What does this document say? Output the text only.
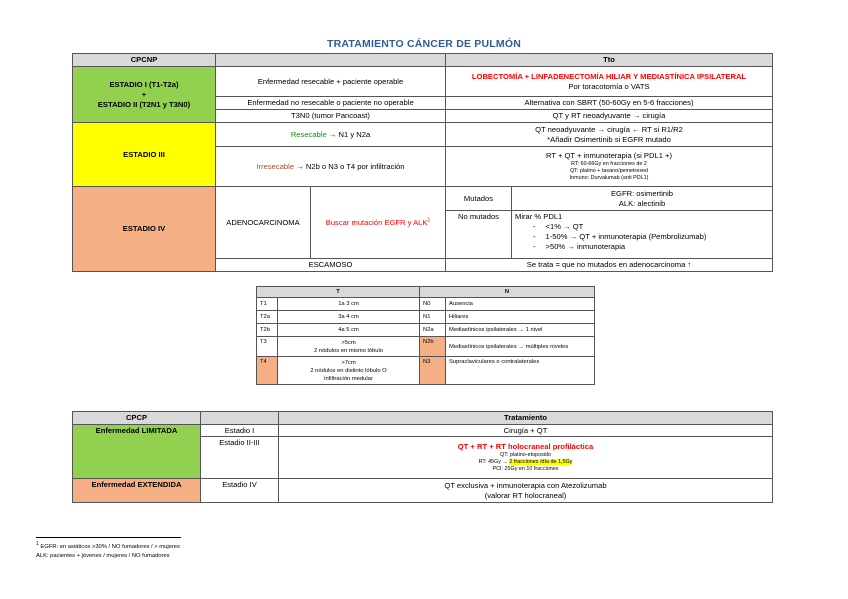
TRATAMIENTO CÁNCER DE PULMÓN
CPCNP			Tto	
ESTADIO I (T1-T2a)
+
ESTADIO II (T2N1 y T3N0)	Enfermedad resecable + paciente operable		LOBECTOMÍA + LINFADENECTOMÍA HILIAR Y MEDIASTÍNICA IPSILATERAL
Por toracotomía o VATS	
	Enfermedad no resecable o paciente no operable		Alternativa con SBRT (50-60Gy en 5-6 fracciones)	
	T3N0 (tumor Pancoast)		QT y RT neoadyuvante → cirugía	
ESTADIO III	Resecable → N1 y N2a		QT neoadyuvante → cirugía ← RT si R1/R2
*Añadir Osimertinib si EGFR mutado	
	Irresecable → N2b o N3 o T4 por infiltración		RT + QT + inmunoterapia (si PDL1 +)
RT: 60-66Gy en fracciones de 2
QT: platino + taxano/pemetrexed
Inmuno: Durvalumab (anti PDL1)	

ESTADIO IV	ADENOCARCINOMA	Buscar mutación EGFR y ALK$^1$	Mutados	EGFR: osimertinib
ALK: alectinib
			No mutados	Mirar % PDL1
- <1% → QT
- 1-50% → QT + inmunoterapia (Pembrolizumab)
- >50% → inmunoterapia

	ESCAMOSO		Se trata = que no mutados en adenocarcinoma ↑	
T		N	
T1	1a 3 cm	N0	Ausencia
T2a	3a 4 cm	N1	Hiliares
T2b	4a 5 cm	N2a	Mediastínicos ipsilaterales → 1 nivel
T3	>5cm
2 nódulos en mismo lóbulo	N2b	Mediastínicos ipsilaterales → múltiples niveles
T4	>7cm
2 nódulos en distinto lóbulo O
infiltración medular	N3	Supraclaviculares o contralaterales
CPCP		Tratamiento
Enfermedad LIMITADA	Estadio I	Cirugía + QT
	Estadio II-III	QT + RT + RT holocraneal profiláctica
QT: platino-etoposido
RT: 45Gy → 2 fracciones /día de 1,5Gy
PCI: 25Gy en 10 fracciones

Enfermedad EXTENDIDA	Estadio IV	QT exclusiva + inmunoterapia con Atezolizumab
(valorar RT holocraneal)
$^1$ EGFR: en asiáticos >30% / NO fumadores / > mujeres
ALK: pacientes + jóvenes / mujeres / NO fumadores
